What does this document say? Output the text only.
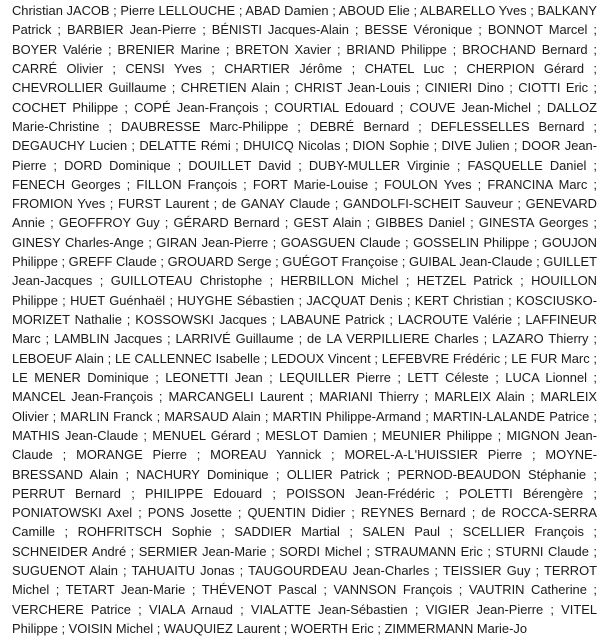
Christian JACOB ; Pierre LELLOUCHE ; ABAD Damien ; ABOUD Elie ; ALBARELLO Yves ; BALKANY Patrick ; BARBIER Jean-Pierre ; BÉNISTI Jacques-Alain ; BESSE Véronique ; BONNOT Marcel ; BOYER Valérie ; BRENIER Marine ; BRETON Xavier ; BRIAND Philippe ; BROCHAND Bernard ; CARRÉ Olivier ; CENSI Yves ; CHARTIER Jérôme ; CHATEL Luc ; CHERPION Gérard ; CHEVROLLIER Guillaume ; CHRETIEN Alain ; CHRIST Jean-Louis ; CINIERI Dino ; CIOTTI Eric ; COCHET Philippe ; COPÉ Jean-François ; COURTIAL Edouard ; COUVE Jean-Michel ; DALLOZ Marie-Christine ; DAUBRESSE Marc-Philippe ; DEBRÉ Bernard ; DEFLESSELLES Bernard ; DEGAUCHY Lucien ; DELATTE Rémi ; DHUICQ Nicolas ; DION Sophie ; DIVE Julien ; DOOR Jean-Pierre ; DORD Dominique ; DOUILLET David ; DUBY-MULLER Virginie ; FASQUELLE Daniel ; FENECH Georges ; FILLON François ; FORT Marie-Louise ; FOULON Yves ; FRANCINA Marc ; FROMION Yves ; FURST Laurent ; de GANAY Claude ; GANDOLFI-SCHEIT Sauveur ; GENEVARD Annie ; GEOFFROY Guy ; GÉRARD Bernard ; GEST Alain ; GIBBES Daniel ; GINESTA Georges ; GINESY Charles-Ange ; GIRAN Jean-Pierre ; GOASGUEN Claude ; GOSSELIN Philippe ; GOUJON Philippe ; GREFF Claude ; GROUARD Serge ; GUÉGOT Françoise ; GUIBAL Jean-Claude ; GUILLET Jean-Jacques ; GUILLOTEAU Christophe ; HERBILLON Michel ; HETZEL Patrick ; HOUILLON Philippe ; HUET Guénhaël ; HUYGHE Sébastien ; JACQUAT Denis ; KERT Christian ; KOSCIUSKO-MORIZET Nathalie ; KOSSOWSKI Jacques ; LABAUNE Patrick ; LACROUTE Valérie ; LAFFINEUR Marc ; LAMBLIN Jacques ; LARRIVÉ Guillaume ; de LA VERPILLIERE Charles ; LAZARO Thierry ; LEBOEUF Alain ; LE CALLENNEC Isabelle ; LEDOUX Vincent ; LEFEBVRE Frédéric ; LE FUR Marc ; LE MENER Dominique ; LEONETTI Jean ; LEQUILLER Pierre ; LETT Céleste ; LUCA Lionnel ; MANCEL Jean-François ; MARCANGELI Laurent ; MARIANI Thierry ; MARLEIX Alain ; MARLEIX Olivier ; MARLIN Franck ; MARSAUD Alain ; MARTIN Philippe-Armand ; MARTIN-LALANDE Patrice ; MATHIS Jean-Claude ; MENUEL Gérard ; MESLOT Damien ; MEUNIER Philippe ; MIGNON Jean-Claude ; MORANGE Pierre ; MOREAU Yannick ; MOREL-A-L'HUISSIER Pierre ; MOYNE-BRESSAND Alain ; NACHURY Dominique ; OLLIER Patrick ; PERNOD-BEAUDON Stéphanie ; PERRUT Bernard ; PHILIPPE Edouard ; POISSON Jean-Frédéric ; POLETTI Bérengère ; PONIATOWSKI Axel ; PONS Josette ; QUENTIN Didier ; REYNES Bernard ; de ROCCA-SERRA Camille ; ROHFRITSCH Sophie ; SADDIER Martial ; SALEN Paul ; SCELLIER François ; SCHNEIDER André ; SERMIER Jean-Marie ; SORDI Michel ; STRAUMANN Eric ; STURNI Claude ; SUGUENOT Alain ; TAHUAITU Jonas ; TAUGOURDEAU Jean-Charles ; TEISSIER Guy ; TERROT Michel ; TETART Jean-Marie ; THÉVENOT Pascal ; VANNSON François ; VAUTRIN Catherine ; VERCHERE Patrice ; VIALA Arnaud ; VIALATTE Jean-Sébastien ; VIGIER Jean-Pierre ; VITEL Philippe ; VOISIN Michel ; WAUQUIEZ Laurent ; WOERTH Eric ; ZIMMERMANN Marie-Jo
